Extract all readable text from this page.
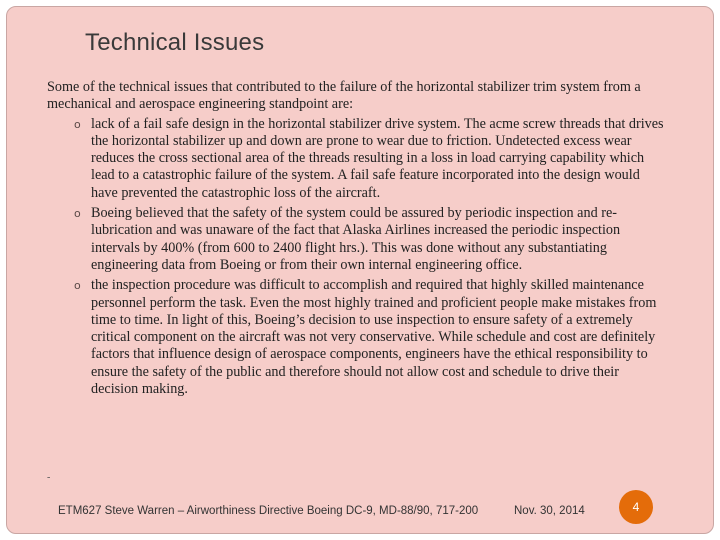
Technical Issues

Some of the technical issues that contributed to the failure of the horizontal stabilizer trim system from a mechanical and aerospace engineering standpoint are:

o lack of a fail safe design in the horizontal stabilizer drive system. The acme screw threads that drives the horizontal stabilizer up and down are prone to wear due to friction. Undetected excess wear reduces the cross sectional area of the threads resulting in a loss in load carrying capability which lead to a catastrophic failure of the system. A fail safe feature incorporated into the design would have prevented the catastrophic loss of the aircraft.
o Boeing believed that the safety of the system could be assured by periodic inspection and re-lubrication and was unaware of the fact that Alaska Airlines increased the periodic inspection intervals by 400% (from 600 to 2400 flight hrs.). This was done without any substantiating engineering data from Boeing or from their own internal engineering office.
o the inspection procedure was difficult to accomplish and required that highly skilled maintenance personnel perform the task. Even the most highly trained and proficient people make mistakes from time to time. In light of this, Boeing’s decision to use inspection to ensure safety of a extremely critical component on the aircraft was not very conservative. While schedule and cost are definitely factors that influence design of aerospace components, engineers have the ethical responsibility to ensure the safety of the public and therefore should not allow cost and schedule to drive their decision making.
-
ETM627 Steve Warren – Airworthiness Directive Boeing DC-9, MD-88/90, 717-200	Nov. 30, 2014	4
